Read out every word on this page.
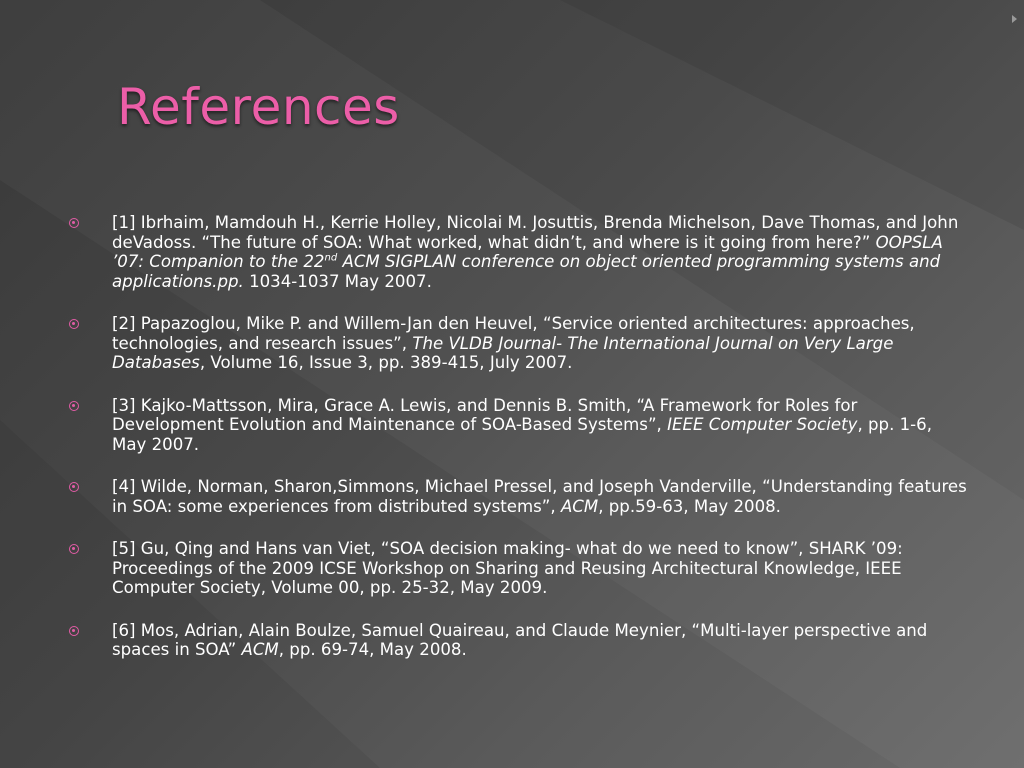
References
[1] Ibrhaim, Mamdouh H., Kerrie Holley, Nicolai M. Josuttis, Brenda Michelson, Dave Thomas, and John deVadoss. “The future of SOA: What worked, what didn’t, and where is it going from here?” OOPSLA ’07: Companion to the 22nd ACM SIGPLAN conference on object oriented programming systems and applications.pp. 1034-1037 May 2007.
[2] Papazoglou, Mike P. and Willem-Jan den Heuvel, “Service oriented architectures: approaches, technologies, and research issues”, The VLDB Journal- The International Journal on Very Large Databases, Volume 16, Issue 3, pp. 389-415, July 2007.
[3] Kajko-Mattsson, Mira, Grace A. Lewis, and Dennis B. Smith, “A Framework for Roles for Development Evolution and Maintenance of SOA-Based Systems”, IEEE Computer Society, pp. 1-6, May 2007.
[4] Wilde, Norman, Sharon,Simmons, Michael Pressel, and Joseph Vanderville, “Understanding features in SOA: some experiences from distributed systems”, ACM, pp.59-63, May 2008.
[5] Gu, Qing and Hans van Viet, “SOA decision making- what do we need to know”, SHARK ’09: Proceedings of the 2009 ICSE Workshop on Sharing and Reusing Architectural Knowledge, IEEE Computer Society, Volume 00, pp. 25-32, May 2009.
[6] Mos, Adrian, Alain Boulze, Samuel Quaireau, and Claude Meynier, “Multi-layer perspective and spaces in SOA” ACM, pp. 69-74, May 2008.
